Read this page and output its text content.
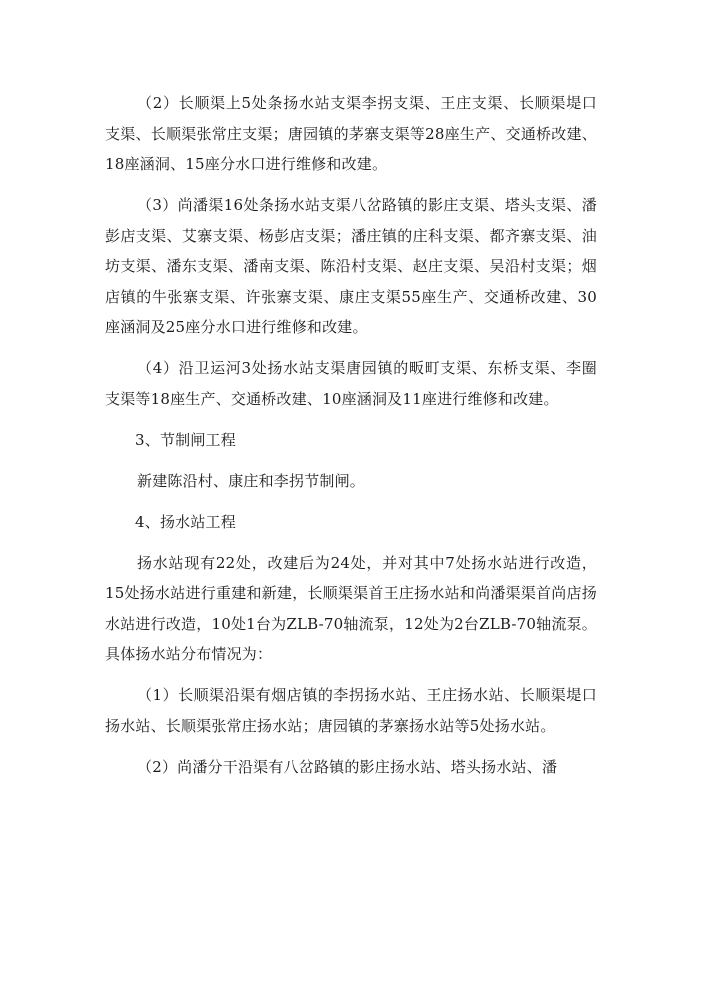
（2）长顺渠上5处条扬水站支渠李拐支渠、王庄支渠、长顺渠堤口支渠、长顺渠张常庄支渠；唐园镇的茅寨支渠等28座生产、交通桥改建、18座涵洞、15座分水口进行维修和改建。

（3）尚潘渠16处条扬水站支渠八岔路镇的影庄支渠、塔头支渠、潘彭店支渠、艾寨支渠、杨彭店支渠；潘庄镇的庄科支渠、都齐寨支渠、油坊支渠、潘东支渠、潘南支渠、陈沿村支渠、赵庄支渠、吴沿村支渠；烟店镇的牛张寨支渠、许张寨支渠、康庄支渠55座生产、交通桥改建、30座涵洞及25座分水口进行维修和改建。

（4）沿卫运河3处扬水站支渠唐园镇的畈町支渠、东桥支渠、李圈支渠等18座生产、交通桥改建、10座涵洞及11座进行维修和改建。

3、节制闸工程

新建陈沿村、康庄和李拐节制闸。

4、扬水站工程

扬水站现有22处，改建后为24处，并对其中7处扬水站进行改造，15处扬水站进行重建和新建，长顺渠渠首王庄扬水站和尚潘渠渠首尚店扬水站进行改造，10处1台为ZLB-70轴流泵，12处为2台ZLB-70轴流泵。具体扬水站分布情况为：

（1）长顺渠沿渠有烟店镇的李拐扬水站、王庄扬水站、长顺渠堤口扬水站、长顺渠张常庄扬水站；唐园镇的茅寨扬水站等5处扬水站。

（2）尚潘分干沿渠有八岔路镇的影庄扬水站、塔头扬水站、潘
